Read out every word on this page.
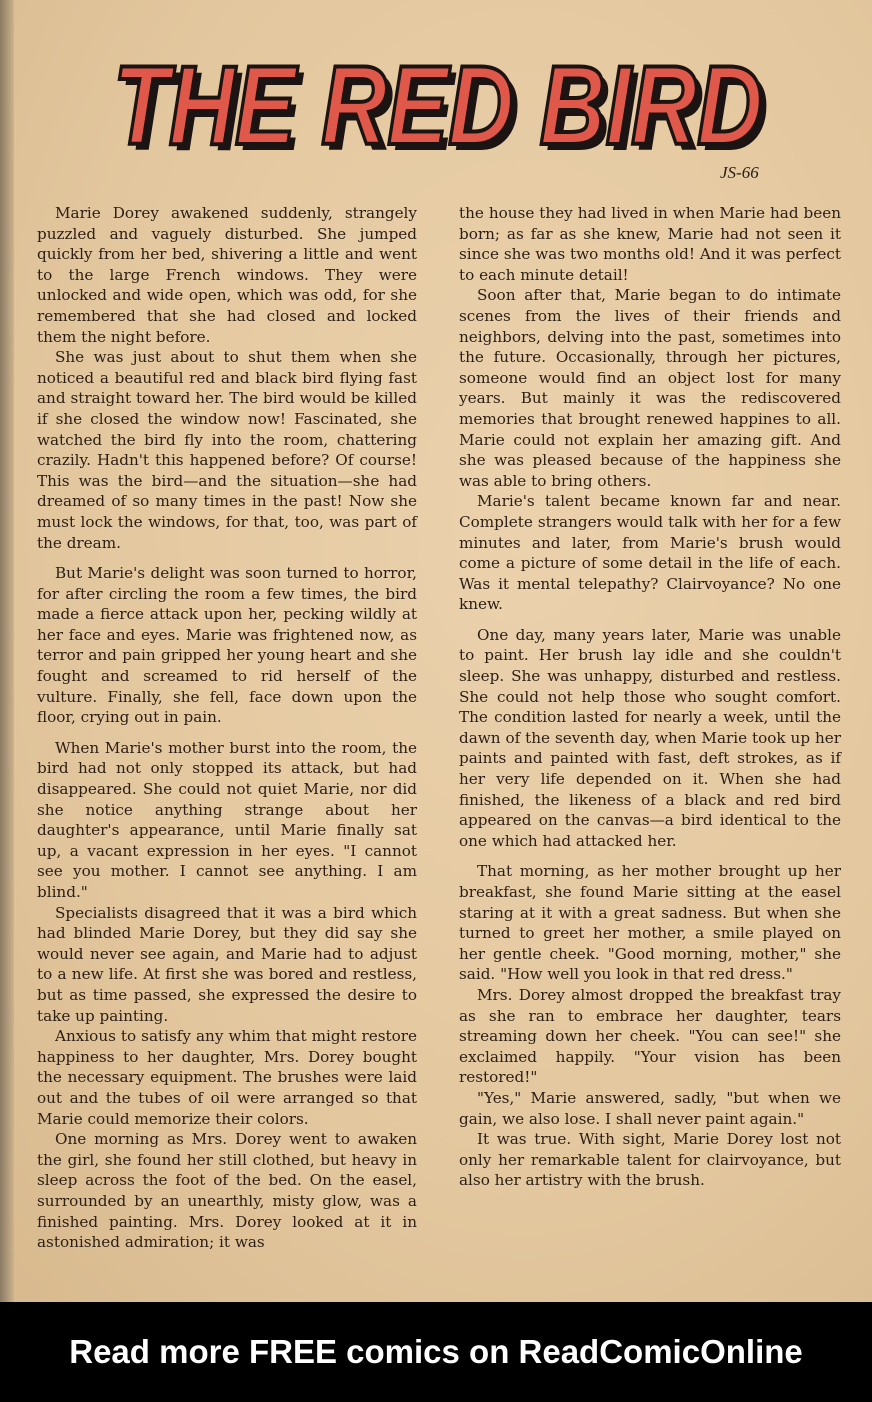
THE RED BIRD
THE RED BIRD
JS-66

Marie Dorey awakened suddenly, strangely puzzled and vaguely disturbed. She jumped quickly from her bed, shivering a little and went to the large French windows. They were unlocked and wide open, which was odd, for she remembered that she had closed and locked them the night before.

She was just about to shut them when she noticed a beautiful red and black bird flying fast and straight toward her. The bird would be killed if she closed the window now! Fascinated, she watched the bird fly into the room, chattering crazily. Hadn't this happened before? Of course! This was the bird—and the situation—she had dreamed of so many times in the past! Now she must lock the windows, for that, too, was part of the dream.

But Marie's delight was soon turned to horror, for after circling the room a few times, the bird made a fierce attack upon her, pecking wildly at her face and eyes. Marie was frightened now, as terror and pain gripped her young heart and she fought and screamed to rid herself of the vulture. Finally, she fell, face down upon the floor, crying out in pain.

When Marie's mother burst into the room, the bird had not only stopped its attack, but had disappeared. She could not quiet Marie, nor did she notice anything strange about her daughter's appearance, until Marie finally sat up, a vacant expression in her eyes. "I cannot see you mother. I cannot see anything. I am blind."

Specialists disagreed that it was a bird which had blinded Marie Dorey, but they did say she would never see again, and Marie had to adjust to a new life. At first she was bored and restless, but as time passed, she expressed the desire to take up painting.

Anxious to satisfy any whim that might restore happiness to her daughter, Mrs. Dorey bought the necessary equipment. The brushes were laid out and the tubes of oil were arranged so that Marie could memorize their colors.

One morning as Mrs. Dorey went to awaken the girl, she found her still clothed, but heavy in sleep across the foot of the bed. On the easel, surrounded by an unearthly, misty glow, was a finished painting. Mrs. Dorey looked at it in astonished admiration; it was

the house they had lived in when Marie had been born; as far as she knew, Marie had not seen it since she was two months old! And it was perfect to each minute detail!

Soon after that, Marie began to do intimate scenes from the lives of their friends and neighbors, delving into the past, sometimes into the future. Occasionally, through her pictures, someone would find an object lost for many years. But mainly it was the rediscovered memories that brought renewed happines to all. Marie could not explain her amazing gift. And she was pleased because of the happiness she was able to bring others.

Marie's talent became known far and near. Complete strangers would talk with her for a few minutes and later, from Marie's brush would come a picture of some detail in the life of each. Was it mental telepathy? Clairvoyance? No one knew.

One day, many years later, Marie was unable to paint. Her brush lay idle and she couldn't sleep. She was unhappy, disturbed and restless. She could not help those who sought comfort. The condition lasted for nearly a week, until the dawn of the seventh day, when Marie took up her paints and painted with fast, deft strokes, as if her very life depended on it. When she had finished, the likeness of a black and red bird appeared on the canvas—a bird identical to the one which had attacked her.

That morning, as her mother brought up her breakfast, she found Marie sitting at the easel staring at it with a great sadness. But when she turned to greet her mother, a smile played on her gentle cheek. "Good morning, mother," she said. "How well you look in that red dress."

Mrs. Dorey almost dropped the breakfast tray as she ran to embrace her daughter, tears streaming down her cheek. "You can see!" she exclaimed happily. "Your vision has been restored!"

"Yes," Marie answered, sadly, "but when we gain, we also lose. I shall never paint again."

It was true. With sight, Marie Dorey lost not only her remarkable talent for clairvoyance, but also her artistry with the brush.

Read more FREE comics on ReadComicOnline
